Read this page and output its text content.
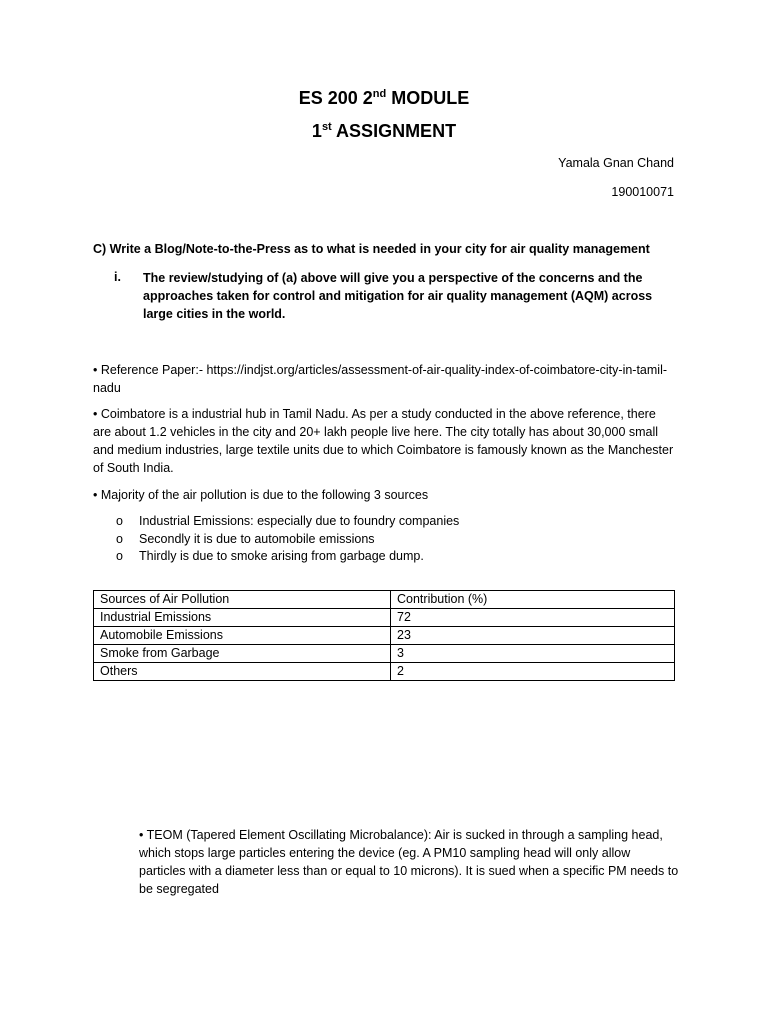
ES 200 2nd MODULE
1st ASSIGNMENT
Yamala Gnan Chand
190010071
C) Write a Blog/Note-to-the-Press as to what is needed in your city for air quality management
i. The review/studying of (a) above will give you a perspective of the concerns and the approaches taken for control and mitigation for air quality management (AQM) across large cities in the world.
• Reference Paper:- https://indjst.org/articles/assessment-of-air-quality-index-of-coimbatore-city-in-tamil-nadu
• Coimbatore is a industrial hub in Tamil Nadu. As per a study conducted in the above reference, there are about 1.2 vehicles in the city and 20+ lakh people live here. The city totally has about 30,000 small and medium industries, large textile units due to which Coimbatore is famously known as the Manchester of South India.
• Majority of the air pollution is due to the following 3 sources
o Industrial Emissions: especially due to foundry companies
o Secondly it is due to automobile emissions
o Thirdly is due to smoke arising from garbage dump.
Sources of Air Pollution	Contribution (%)
Industrial Emissions	72
Automobile Emissions	23
Smoke from Garbage	3
Others	2
• TEOM (Tapered Element Oscillating Microbalance): Air is sucked in through a sampling head, which stops large particles entering the device (eg. A PM10 sampling head will only allow particles with a diameter less than or equal to 10 microns). It is sued when a specific PM needs to be segregated
